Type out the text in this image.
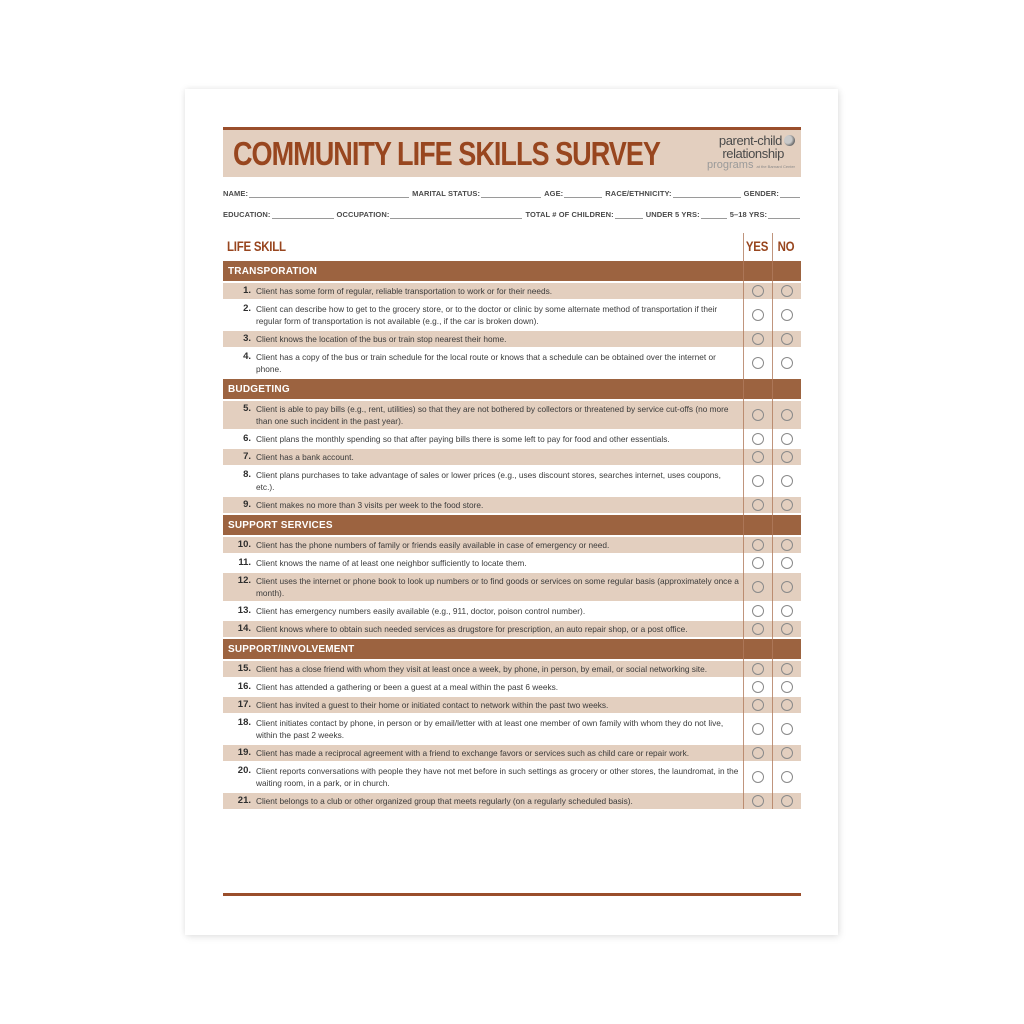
COMMUNITY LIFE SKILLS SURVEY	parent-child
relationship
programs at the Barnard Center
NAME:	MARITAL STATUS:	AGE:	RACE/ETHNICITY:	GENDER:
EDUCATION:	OCCUPATION:	TOTAL # OF CHILDREN:	UNDER 5 YRS:	5–18 YRS:
LIFE SKILL	YES NO
TRANSPORATION
1. Client has some form of regular, reliable transportation to work or for their needs.
2. Client can describe how to get to the grocery store, or to the doctor or clinic by some alternate method of transportation if their regular form of transportation is not available (e.g., if the car is broken down).
3. Client knows the location of the bus or train stop nearest their home.
4. Client has a copy of the bus or train schedule for the local route or knows that a schedule can be obtained over the internet or phone.
BUDGETING
5. Client is able to pay bills (e.g., rent, utilities) so that they are not bothered by collectors or threatened by service cut-offs (no more than one such incident in the past year).
6. Client plans the monthly spending so that after paying bills there is some left to pay for food and other essentials.
7. Client has a bank account.
8. Client plans purchases to take advantage of sales or lower prices (e.g., uses discount stores, searches internet, uses coupons, etc.).
9. Client makes no more than 3 visits per week to the food store.
SUPPORT SERVICES
10. Client has the phone numbers of family or friends easily available in case of emergency or need.
11. Client knows the name of at least one neighbor sufficiently to locate them.
12. Client uses the internet or phone book to look up numbers or to find goods or services on some regular basis (approximately once a month).
13. Client has emergency numbers easily available (e.g., 911, doctor, poison control number).
14. Client knows where to obtain such needed services as drugstore for prescription, an auto repair shop, or a post office.
SUPPORT/INVOLVEMENT
15. Client has a close friend with whom they visit at least once a week, by phone, in person, by email, or social networking site.
16. Client has attended a gathering or been a guest at a meal within the past 6 weeks.
17. Client has invited a guest to their home or initiated contact to network within the past two weeks.
18. Client initiates contact by phone, in person or by email/letter with at least one member of own family with whom they do not live, within the past 2 weeks.
19. Client has made a reciprocal agreement with a friend to exchange favors or services such as child care or repair work.
20. Client reports conversations with people they have not met before in such settings as grocery or other stores, the laundromat, in the waiting room, in a park, or in church.
21. Client belongs to a club or other organized group that meets regularly (on a regularly scheduled basis).
